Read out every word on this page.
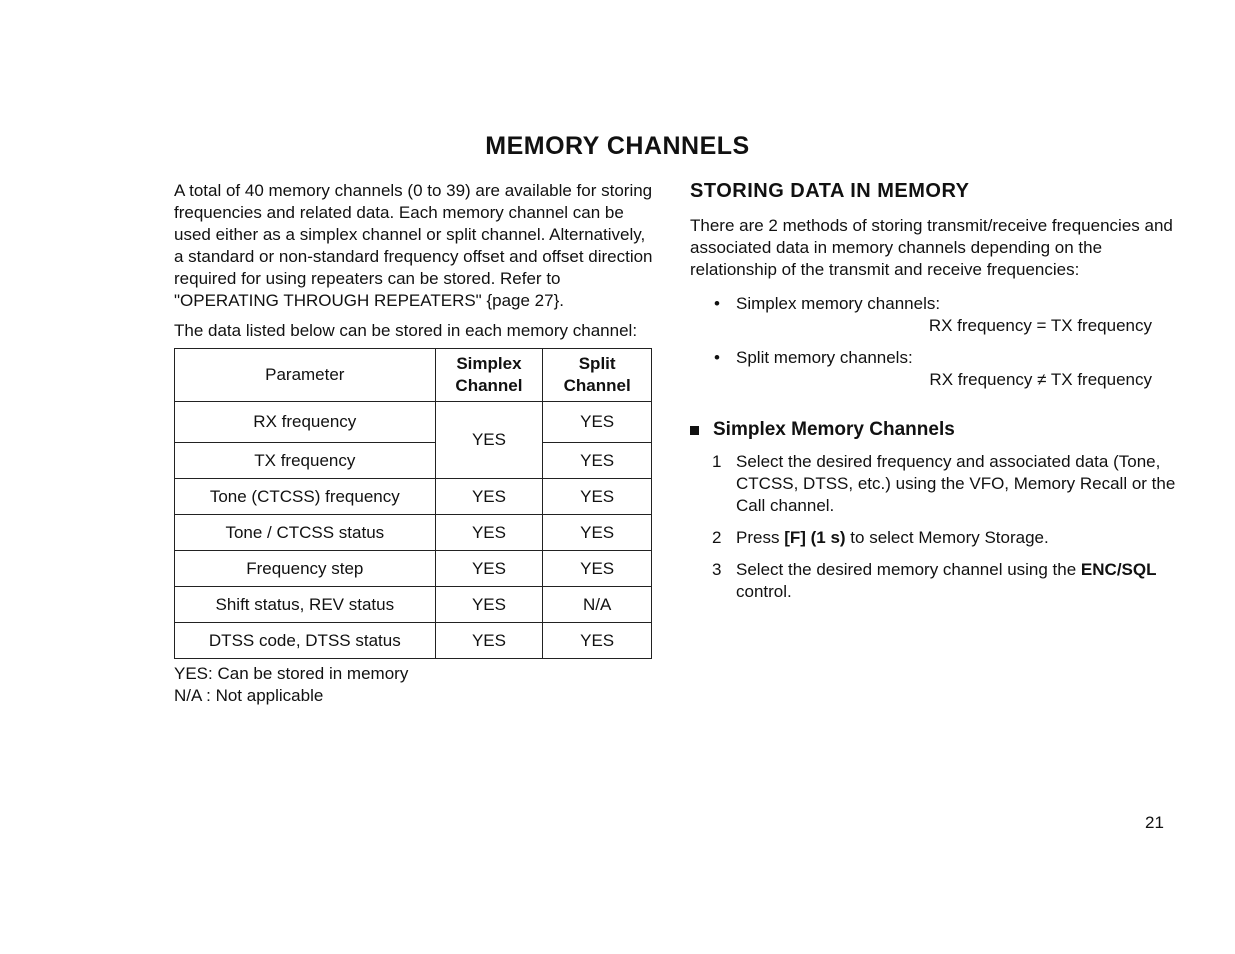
MEMORY CHANNELS

A total of 40 memory channels (0 to 39) are available for storing frequencies and related data. Each memory channel can be used either as a simplex channel or split channel. Alternatively, a standard or non-standard frequency offset and offset direction required for using repeaters can be stored. Refer to "OPERATING THROUGH REPEATERS" {page 27}.

The data listed below can be stored in each memory channel:

Parameter	Simplex Channel	Split Channel
RX frequency	YES	YES
TX frequency		YES
Tone (CTCSS) frequency	YES	YES
Tone / CTCSS status	YES	YES
Frequency step	YES	YES
Shift status, REV status	YES	N/A
DTSS code, DTSS status	YES	YES
YES: Can be stored in memory
N/A : Not applicable
STORING DATA IN MEMORY

There are 2 methods of storing transmit/receive frequencies and associated data in memory channels depending on the relationship of the transmit and receive frequencies:

• Simplex memory channels:
RX frequency = TX frequency
• Split memory channels:
RX frequency ≠ TX frequency
Simplex Memory Channels
1 Select the desired frequency and associated data (Tone, CTCSS, DTSS, etc.) using the VFO, Memory Recall or the Call channel.
2 Press [F] (1 s) to select Memory Storage.
3 Select the desired memory channel using the ENC/SQL control.
21
